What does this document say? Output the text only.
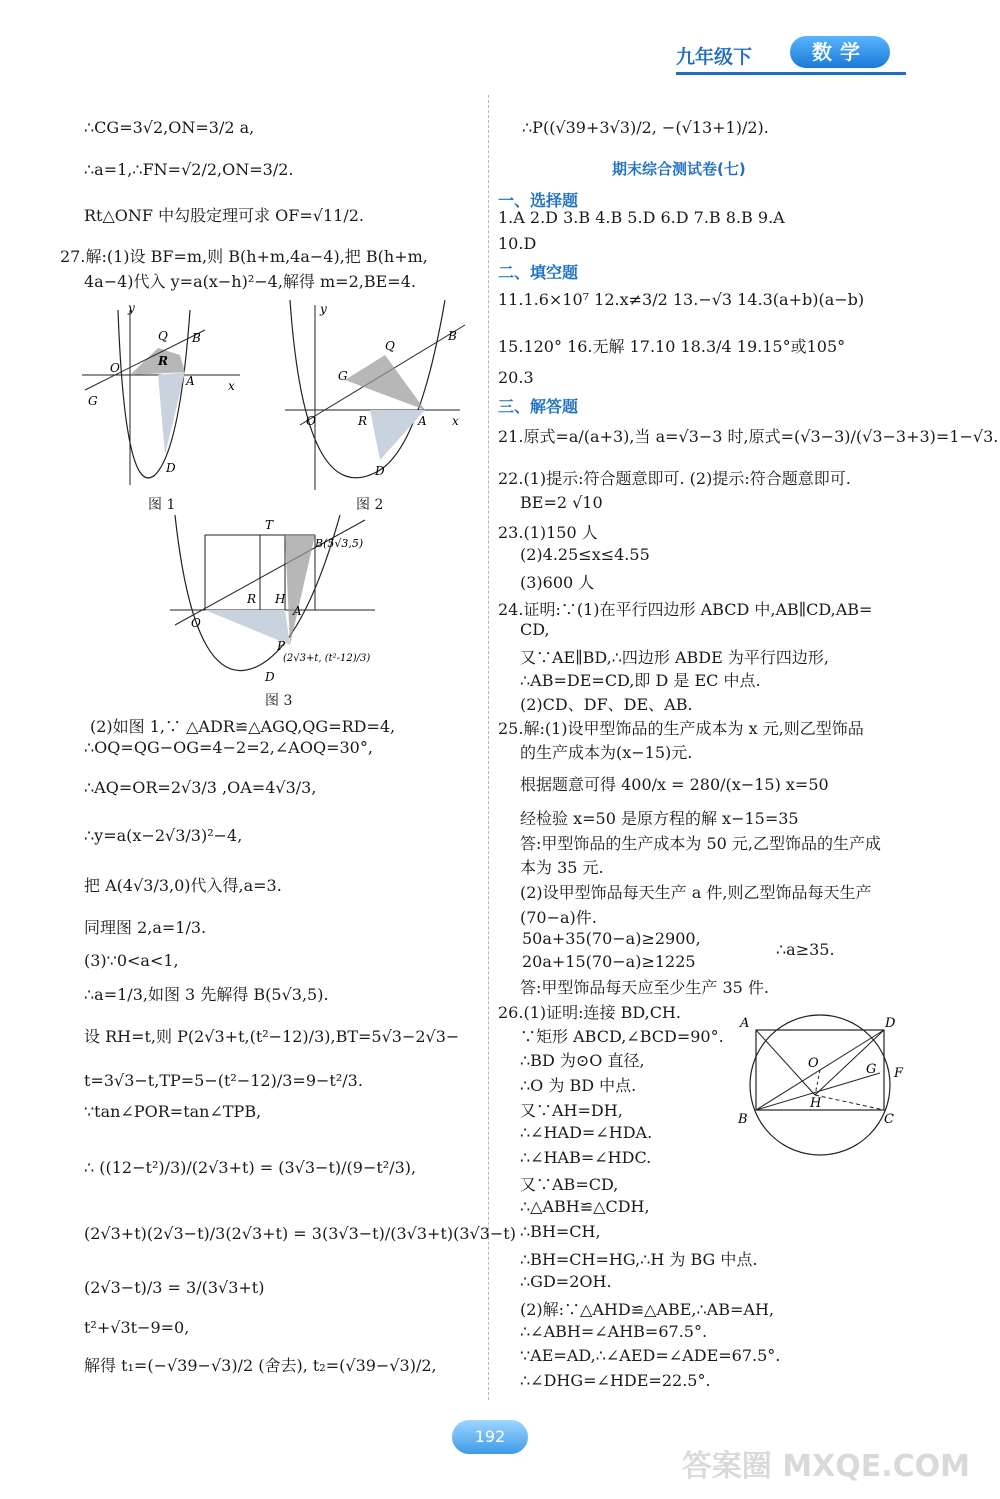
九年级下	数学
∴CG=3√2,ON=3/2 a,
∴a=1,∴FN=√2/2,ON=3/2.
Rt△ONF 中勾股定理可求 OF=√11/2.
27.解:(1)设 BF=m,则 B(h+m,4a−4),把 B(h+m,
4a−4)代入 y=a(x−h)²−4,解得 m=2,BE=4.
y
x
G
O
Q B
R
A
D
图 1
y
x
G
Q
B
O	R	A
D
图 2
T
O
R H
A
P
D
B(5√3,5)
(2√3+t, (t²-12)/3)
图 3
(2)如图 1,∵ △ADR≌△AGQ,QG=RD=4,
∴OQ=QG−OG=4−2=2,∠AOQ=30°,
∴AQ=OR=2√3/3 ,OA=4√3/3,
∴y=a(x−2√3/3)²−4,
把 A(4√3/3,0)代入得,a=3.
同理图 2,a=1/3.
(3)∵0<a<1,
∴a=1/3,如图 3 先解得 B(5√3,5).
设 RH=t,则 P(2√3+t,(t²−12)/3),BT=5√3−2√3−
t=3√3−t,TP=5−(t²−12)/3=9−t²/3.
∵tan∠POR=tan∠TPB,
∴ ((12−t²)/3)/(2√3+t) = (3√3−t)/(9−t²/3),
(2√3+t)(2√3−t)/3(2√3+t) = 3(3√3−t)/(3√3+t)(3√3−t)
(2√3−t)/3 = 3/(3√3+t)
t²+√3t−9=0,
解得 t₁=(−√39−√3)/2 (舍去), t₂=(√39−√3)/2,
∴P((√39+3√3)/2, −(√13+1)/2).
期末综合测试卷(七)
一、选择题
1.A 2.D 3.B 4.B 5.D 6.D 7.B 8.B 9.A
10.D
二、填空题
11.1.6×10⁷ 12.x≠3/2 13.−√3 14.3(a+b)(a−b)
15.120° 16.无解 17.10 18.3/4 19.15°或105°
20.3
三、解答题
21.原式=a/(a+3),当 a=√3−3 时,原式=(√3−3)/(√3−3+3)=1−√3.
22.(1)提示:符合题意即可. (2)提示:符合题意即可.
BE=2 √10
23.(1)150 人
(2)4.25≤x≤4.55
(3)600 人
24.证明:∵(1)在平行四边形 ABCD 中,AB∥CD,AB=
CD,
又∵AE∥BD,∴四边形 ABDE 为平行四边形,
∴AB=DE=CD,即 D 是 EC 中点.
(2)CD、DF、DE、AB.
25.解:(1)设甲型饰品的生产成本为 x 元,则乙型饰品
的生产成本为(x−15)元.
根据题意可得 400/x = 280/(x−15) x=50
经检验 x=50 是原方程的解 x−15=35
答:甲型饰品的生产成本为 50 元,乙型饰品的生产成
本为 35 元.
(2)设甲型饰品每天生产 a 件,则乙型饰品每天生产
(70−a)件.
50a+35(70−a)≥2900,
20a+15(70−a)≥1225
∴a≥35.
答:甲型饰品每天应至少生产 35 件.
26.(1)证明:连接 BD,CH.
A	D
O	G F
H
B	C
∵矩形 ABCD,∠BCD=90°.
∴BD 为⊙O 直径,
∴O 为 BD 中点.
又∵AH=DH,
∴∠HAD=∠HDA.
∴∠HAB=∠HDC.
又∵AB=CD,
∴△ABH≌△CDH,
∴BH=CH,
∴BH=CH=HG,∴H 为 BG 中点.
∴GD=2OH.
(2)解:∵△AHD≌△ABE,∴AB=AH,
∴∠ABH=∠AHB=67.5°.
∵AE=AD,∴∠AED=∠ADE=67.5°.
∴∠DHG=∠HDE=22.5°.
192
答案圈 MXQE.COM
